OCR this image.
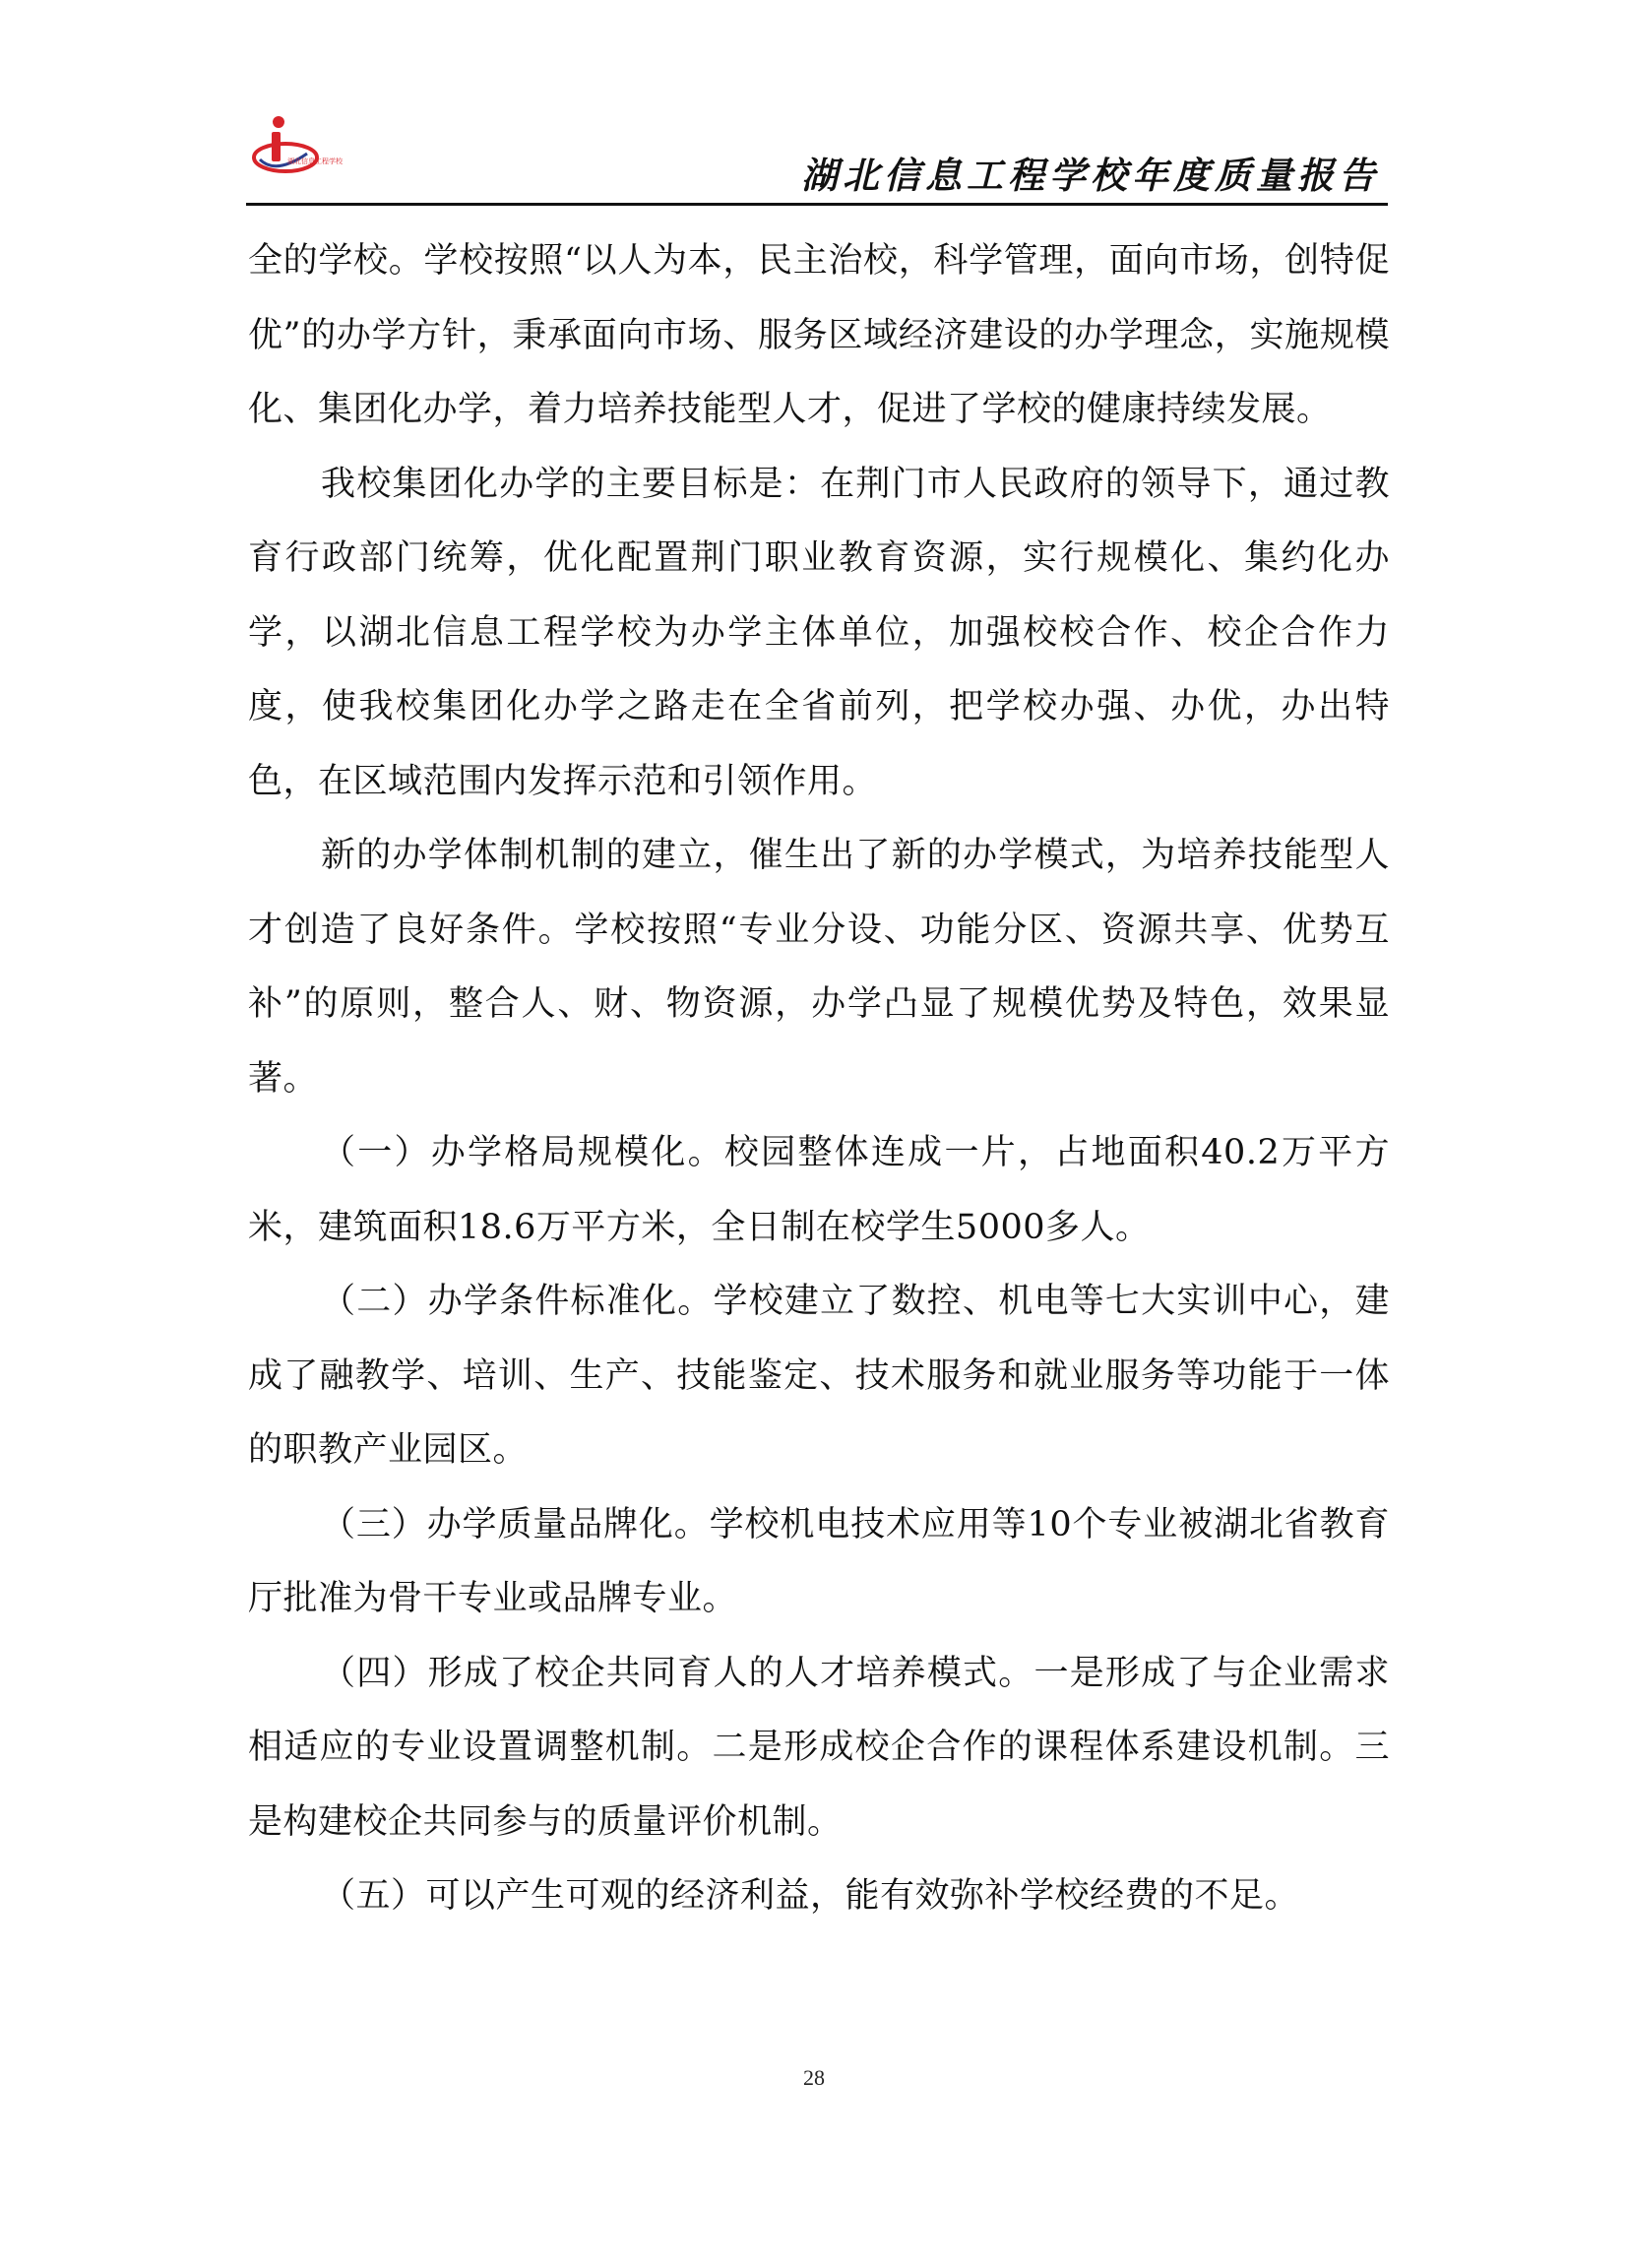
湖北信息工程学校	湖北信息工程学校年度质量报告

全的学校。学校按照“以人为本，民主治校，科学管理，面向市场，创特促优”的办学方针，秉承面向市场、服务区域经济建设的办学理念，实施规模化、集团化办学，着力培养技能型人才，促进了学校的健康持续发展。

我校集团化办学的主要目标是：在荆门市人民政府的领导下，通过教育行政部门统筹，优化配置荆门职业教育资源，实行规模化、集约化办学，以湖北信息工程学校为办学主体单位，加强校校合作、校企合作力度，使我校集团化办学之路走在全省前列，把学校办强、办优，办出特色，在区域范围内发挥示范和引领作用。

新的办学体制机制的建立，催生出了新的办学模式，为培养技能型人才创造了良好条件。学校按照“专业分设、功能分区、资源共享、优势互补”的原则，整合人、财、物资源，办学凸显了规模优势及特色，效果显著。

（一）办学格局规模化。校园整体连成一片，占地面积40.2万平方米，建筑面积18.6万平方米，全日制在校学生5000多人。

（二）办学条件标准化。学校建立了数控、机电等七大实训中心，建成了融教学、培训、生产、技能鉴定、技术服务和就业服务等功能于一体的职教产业园区。

（三）办学质量品牌化。学校机电技术应用等10个专业被湖北省教育厅批准为骨干专业或品牌专业。

（四）形成了校企共同育人的人才培养模式。一是形成了与企业需求相适应的专业设置调整机制。二是形成校企合作的课程体系建设机制。三是构建校企共同参与的质量评价机制。

（五）可以产生可观的经济利益，能有效弥补学校经费的不足。

28
